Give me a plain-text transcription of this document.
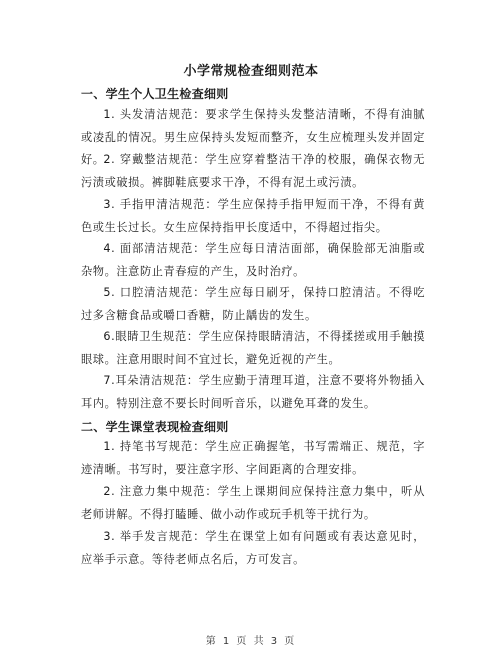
小学常规检查细则范本
一、学生个人卫生检查细则

1. 头发清洁规范：要求学生保持头发整洁清晰，不得有油腻或凌乱的情况。男生应保持头发短而整齐，女生应梳理头发并固定好。

2. 穿戴整洁规范：学生应穿着整洁干净的校服，确保衣物无污渍或破损。裤脚鞋底要求干净，不得有泥土或污渍。

3. 手指甲清洁规范：学生应保持手指甲短而干净，不得有黄色或生长过长。女生应保持指甲长度适中，不得超过指尖。

4. 面部清洁规范：学生应每日清洁面部，确保脸部无油脂或杂物。注意防止青春痘的产生，及时治疗。

5. 口腔清洁规范：学生应每日刷牙，保持口腔清洁。不得吃过多含糖食品或嚼口香糖，防止龋齿的发生。

6.眼睛卫生规范：学生应保持眼睛清洁，不得揉搓或用手触摸眼球。注意用眼时间不宜过长，避免近视的产生。

7.耳朵清洁规范：学生应勤于清理耳道，注意不要将外物插入耳内。特别注意不要长时间听音乐，以避免耳聋的发生。

二、学生课堂表现检查细则

1. 持笔书写规范：学生应正确握笔，书写需端正、规范，字迹清晰。书写时，要注意字形、字间距离的合理安排。

2. 注意力集中规范：学生上课期间应保持注意力集中，听从老师讲解。不得打瞌睡、做小动作或玩手机等干扰行为。

3. 举手发言规范：学生在课堂上如有问题或有表达意见时，应举手示意。等待老师点名后，方可发言。

第 1 页 共 3 页
